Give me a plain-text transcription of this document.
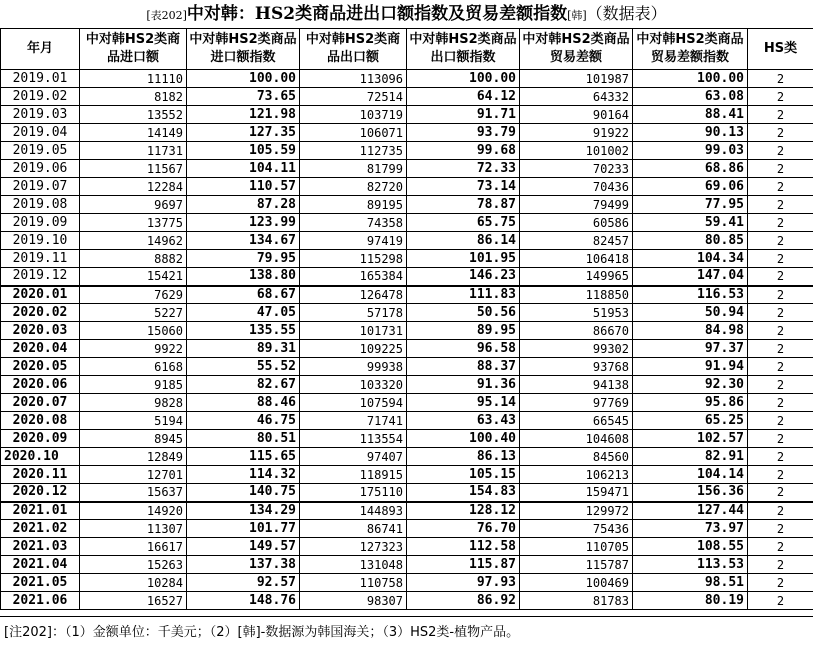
[表202]中对韩：HS2类商品进出口额指数及贸易差额指数[韩]（数据表）
年月	中对韩HS2类商品进口额	中对韩HS2类商品进口额指数	中对韩HS2类商品出口额	中对韩HS2类商品出口额指数	中对韩HS2类商品贸易差额	中对韩HS2类商品贸易差额指数	HS类
2019.01	11110	100.00	113096	100.00	101987	100.00	2
2019.02	8182	73.65	72514	64.12	64332	63.08	2
2019.03	13552	121.98	103719	91.71	90164	88.41	2
2019.04	14149	127.35	106071	93.79	91922	90.13	2
2019.05	11731	105.59	112735	99.68	101002	99.03	2
2019.06	11567	104.11	81799	72.33	70233	68.86	2
2019.07	12284	110.57	82720	73.14	70436	69.06	2
2019.08	9697	87.28	89195	78.87	79499	77.95	2
2019.09	13775	123.99	74358	65.75	60586	59.41	2
2019.10	14962	134.67	97419	86.14	82457	80.85	2
2019.11	8882	79.95	115298	101.95	106418	104.34	2
2019.12	15421	138.80	165384	146.23	149965	147.04	2
2020.01	7629	68.67	126478	111.83	118850	116.53	2
2020.02	5227	47.05	57178	50.56	51953	50.94	2
2020.03	15060	135.55	101731	89.95	86670	84.98	2
2020.04	9922	89.31	109225	96.58	99302	97.37	2
2020.05	6168	55.52	99938	88.37	93768	91.94	2
2020.06	9185	82.67	103320	91.36	94138	92.30	2
2020.07	9828	88.46	107594	95.14	97769	95.86	2
2020.08	5194	46.75	71741	63.43	66545	65.25	2
2020.09	8945	80.51	113554	100.40	104608	102.57	2
2020.10	12849	115.65	97407	86.13	84560	82.91	2
2020.11	12701	114.32	118915	105.15	106213	104.14	2
2020.12	15637	140.75	175110	154.83	159471	156.36	2
2021.01	14920	134.29	144893	128.12	129972	127.44	2
2021.02	11307	101.77	86741	76.70	75436	73.97	2
2021.03	16617	149.57	127323	112.58	110705	108.55	2
2021.04	15263	137.38	131048	115.87	115787	113.53	2
2021.05	10284	92.57	110758	97.93	100469	98.51	2
2021.06	16527	148.76	98307	86.92	81783	80.19	2
[注202]：（1）金额单位：千美元；（2）[韩]-数据源为韩国海关；（3）HS2类-植物产品。
